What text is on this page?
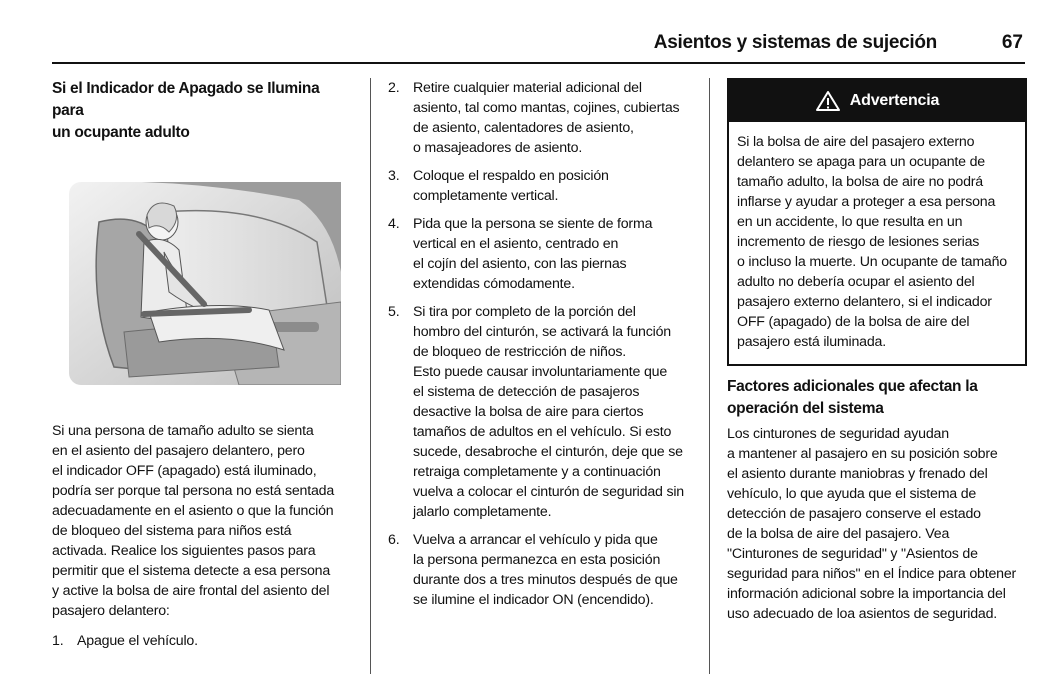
Asientos y sistemas de sujeción	67
Si el Indicador de Apagado se Ilumina para
un ocupante adulto

Si una persona de tamaño adulto se sienta
en el asiento del pasajero delantero, pero
el indicador OFF (apagado) está iluminado,
podría ser porque tal persona no está sentada
adecuadamente en el asiento o que la función
de bloqueo del sistema para niños está
activada. Realice los siguientes pasos para
permitir que el sistema detecte a esa persona
y active la bolsa de aire frontal del asiento del
pasajero delantero:

1. Apague el vehículo.
2. Retire cualquier material adicional del
asiento, tal como mantas, cojines, cubiertas
de asiento, calentadores de asiento,
o masajeadores de asiento.
3. Coloque el respaldo en posición
completamente vertical.
4. Pida que la persona se siente de forma
vertical en el asiento, centrado en
el cojín del asiento, con las piernas
extendidas cómodamente.
5. Si tira por completo de la porción del
hombro del cinturón, se activará la función
de bloqueo de restricción de niños.
Esto puede causar involuntariamente que
el sistema de detección de pasajeros
desactive la bolsa de aire para ciertos
tamaños de adultos en el vehículo. Si esto
sucede, desabroche el cinturón, deje que se
retraiga completamente y a continuación
vuelva a colocar el cinturón de seguridad sin
jalarlo completamente.
6. Vuelva a arrancar el vehículo y pida que
la persona permanezca en esta posición
durante dos a tres minutos después de que
se ilumine el indicador ON (encendido).
Advertencia
Si la bolsa de aire del pasajero externo
delantero se apaga para un ocupante de
tamaño adulto, la bolsa de aire no podrá
inflarse y ayudar a proteger a esa persona
en un accidente, lo que resulta en un
incremento de riesgo de lesiones serias
o incluso la muerte. Un ocupante de tamaño
adulto no debería ocupar el asiento del
pasajero externo delantero, si el indicador
OFF (apagado) de la bolsa de aire del
pasajero está iluminada.
Factores adicionales que afectan la
operación del sistema

Los cinturones de seguridad ayudan
a mantener al pasajero en su posición sobre
el asiento durante maniobras y frenado del
vehículo, lo que ayuda que el sistema de
detección de pasajero conserve el estado
de la bolsa de aire del pasajero. Vea
"Cinturones de seguridad" y "Asientos de
seguridad para niños" en el Índice para obtener
información adicional sobre la importancia del
uso adecuado de loa asientos de seguridad.
